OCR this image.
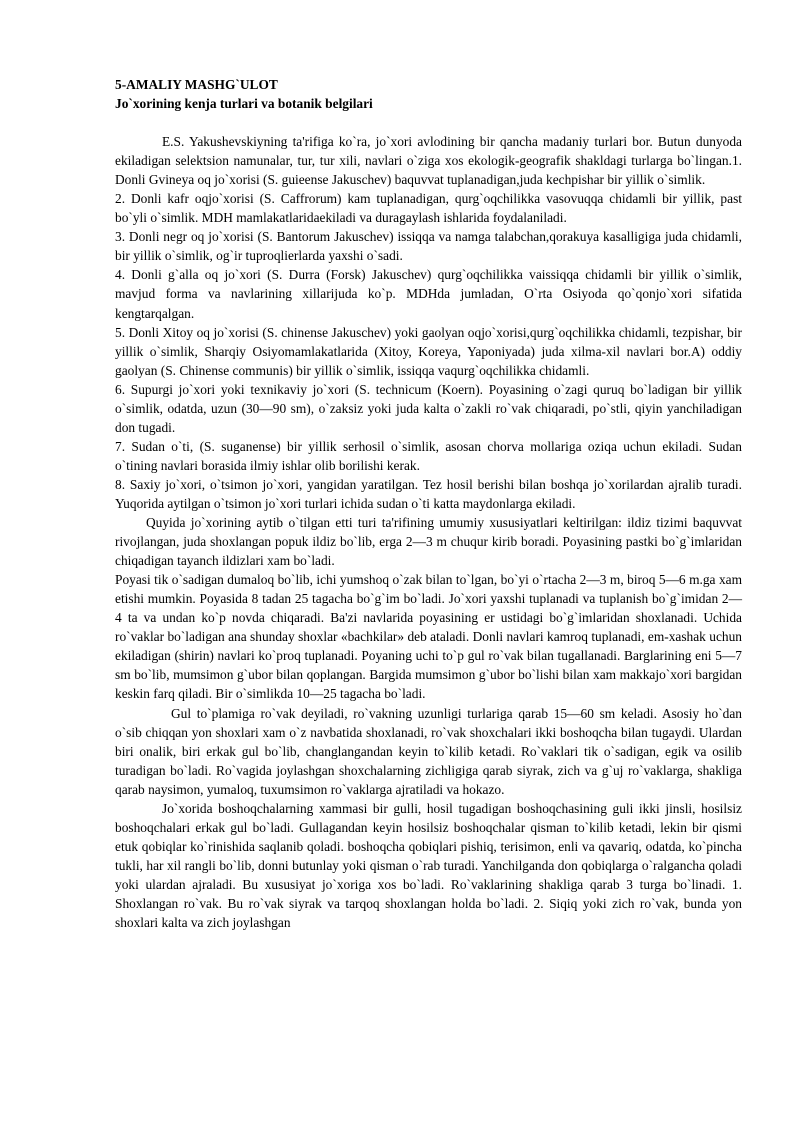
5-AMALIY MASHG`ULOT

Jo`xorining kenja turlari va botanik belgilari

E.S. Yakushevskiyning ta'rifiga ko`ra, jo`xori avlodining bir qancha madaniy turlari bor. Butun dunyoda ekiladigan selektsion namunalar, tur, tur xili, navlari o`ziga xos ekologik-geografik shakldagi turlarga bo`lingan.1. Donli Gvineya oq jo`xorisi (S. guieense Jakuschev) baquvvat tuplanadigan,juda kechpishar bir yillik o`simlik.

2. Donli kafr oqjo`xorisi (S. Caffrorum) kam tuplanadigan, qurg`oqchilikka vasovuqqa chidamli bir yillik, past bo`yli o`simlik. MDH mamlakatlaridaekiladi va duragaylash ishlarida foydalaniladi.

3. Donli negr oq jo`xorisi (S. Bantorum Jakuschev) issiqqa va namga talabchan,qorakuya kasalligiga juda chidamli, bir yillik o`simlik, og`ir tuproqlierlarda yaxshi o`sadi.

4. Donli g`alla oq jo`xori (S. Durra (Forsk) Jakuschev) qurg`oqchilikka vaissiqqa chidamli bir yillik o`simlik, mavjud forma va navlarining xillarijuda ko`p. MDHda jumladan, O`rta Osiyoda qo`qonjo`xori sifatida kengtarqalgan.

5. Donli Xitoy oq jo`xorisi (S. chinense Jakuschev) yoki gaolyan oqjo`xorisi,qurg`oqchilikka chidamli, tezpishar, bir yillik o`simlik, Sharqiy Osiyomamlakatlarida (Xitoy, Koreya, Yaponiyada) juda xilma-xil navlari bor.A) oddiy gaolyan (S. Chinense communis) bir yillik o`simlik, issiqqa vaqurg`oqchilikka chidamli.

6. Supurgi jo`xori yoki texnikaviy jo`xori (S. technicum (Koern). Poyasining o`zagi quruq bo`ladigan bir yillik o`simlik, odatda, uzun (30—90 sm), o`zaksiz yoki juda kalta o`zakli ro`vak chiqaradi, po`stli, qiyin yanchiladigan don tugadi.

7. Sudan o`ti, (S. suganense) bir yillik serhosil o`simlik, asosan chorva mollariga oziqa uchun ekiladi. Sudan o`tining navlari borasida ilmiy ishlar olib borilishi kerak.

8. Saxiy jo`xori, o`tsimon jo`xori, yangidan yaratilgan. Tez hosil berishi bilan boshqa jo`xorilardan ajralib turadi. Yuqorida aytilgan o`tsimon jo`xori turlari ichida sudan o`ti katta maydonlarga ekiladi.

Quyida jo`xorining aytib o`tilgan etti turi ta'rifining umumiy xususiyatlari keltirilgan: ildiz tizimi baquvvat rivojlangan, juda shoxlangan popuk ildiz bo`lib, erga 2—3 m chuqur kirib boradi. Poyasining pastki bo`g`imlaridan chiqadigan tayanch ildizlari xam bo`ladi.

Poyasi tik o`sadigan dumaloq bo`lib, ichi yumshoq o`zak bilan to`lgan, bo`yi o`rtacha 2—3 m, biroq 5—6 m.ga xam etishi mumkin. Poyasida 8 tadan 25 tagacha bo`g`im bo`ladi. Jo`xori yaxshi tuplanadi va tuplanish bo`g`imidan 2—4 ta va undan ko`p novda chiqaradi. Ba'zi navlarida poyasining er ustidagi bo`g`imlaridan shoxlanadi. Uchida ro`vaklar bo`ladigan ana shunday shoxlar «bachkilar» deb ataladi. Donli navlari kamroq tuplanadi, em-xashak uchun ekiladigan (shirin) navlari ko`proq tuplanadi. Poyaning uchi to`p gul ro`vak bilan tugallanadi. Barglarining eni 5—7 sm bo`lib, mumsimon g`ubor bilan qoplangan. Bargida mumsimon g`ubor bo`lishi bilan xam makkajo`xori bargidan keskin farq qiladi. Bir o`simlikda 10—25 tagacha bo`ladi.

Gul to`plamiga ro`vak deyiladi, ro`vakning uzunligi turlariga qarab 15—60 sm keladi. Asosiy ho`dan o`sib chiqqan yon shoxlari xam o`z navbatida shoxlanadi, ro`vak shoxchalari ikki boshoqcha bilan tugaydi. Ulardan biri onalik, biri erkak gul bo`lib, changlangandan keyin to`kilib ketadi. Ro`vaklari tik o`sadigan, egik va osilib turadigan bo`ladi. Ro`vagida joylashgan shoxchalarning zichligiga qarab siyrak, zich va g`uj ro`vaklarga, shakliga qarab naysimon, yumaloq, tuxumsimon ro`vaklarga ajratiladi va hokazo.

Jo`xorida boshoqchalarning xammasi bir gulli, hosil tugadigan boshoqchasining guli ikki jinsli, hosilsiz boshoqchalari erkak gul bo`ladi. Gullagandan keyin hosilsiz boshoqchalar qisman to`kilib ketadi, lekin bir qismi etuk qobiqlar ko`rinishida saqlanib qoladi. boshoqcha qobiqlari pishiq, terisimon, enli va qavariq, odatda, ko`pincha tukli, har xil rangli bo`lib, donni butunlay yoki qisman o`rab turadi. Yanchilganda don qobiqlarga o`ralgancha qoladi yoki ulardan ajraladi. Bu xususiyat jo`xoriga xos bo`ladi. Ro`vaklarining shakliga qarab 3 turga bo`linadi. 1. Shoxlangan ro`vak. Bu ro`vak siyrak va tarqoq shoxlangan holda bo`ladi. 2. Siqiq yoki zich ro`vak, bunda yon shoxlari kalta va zich joylashgan
